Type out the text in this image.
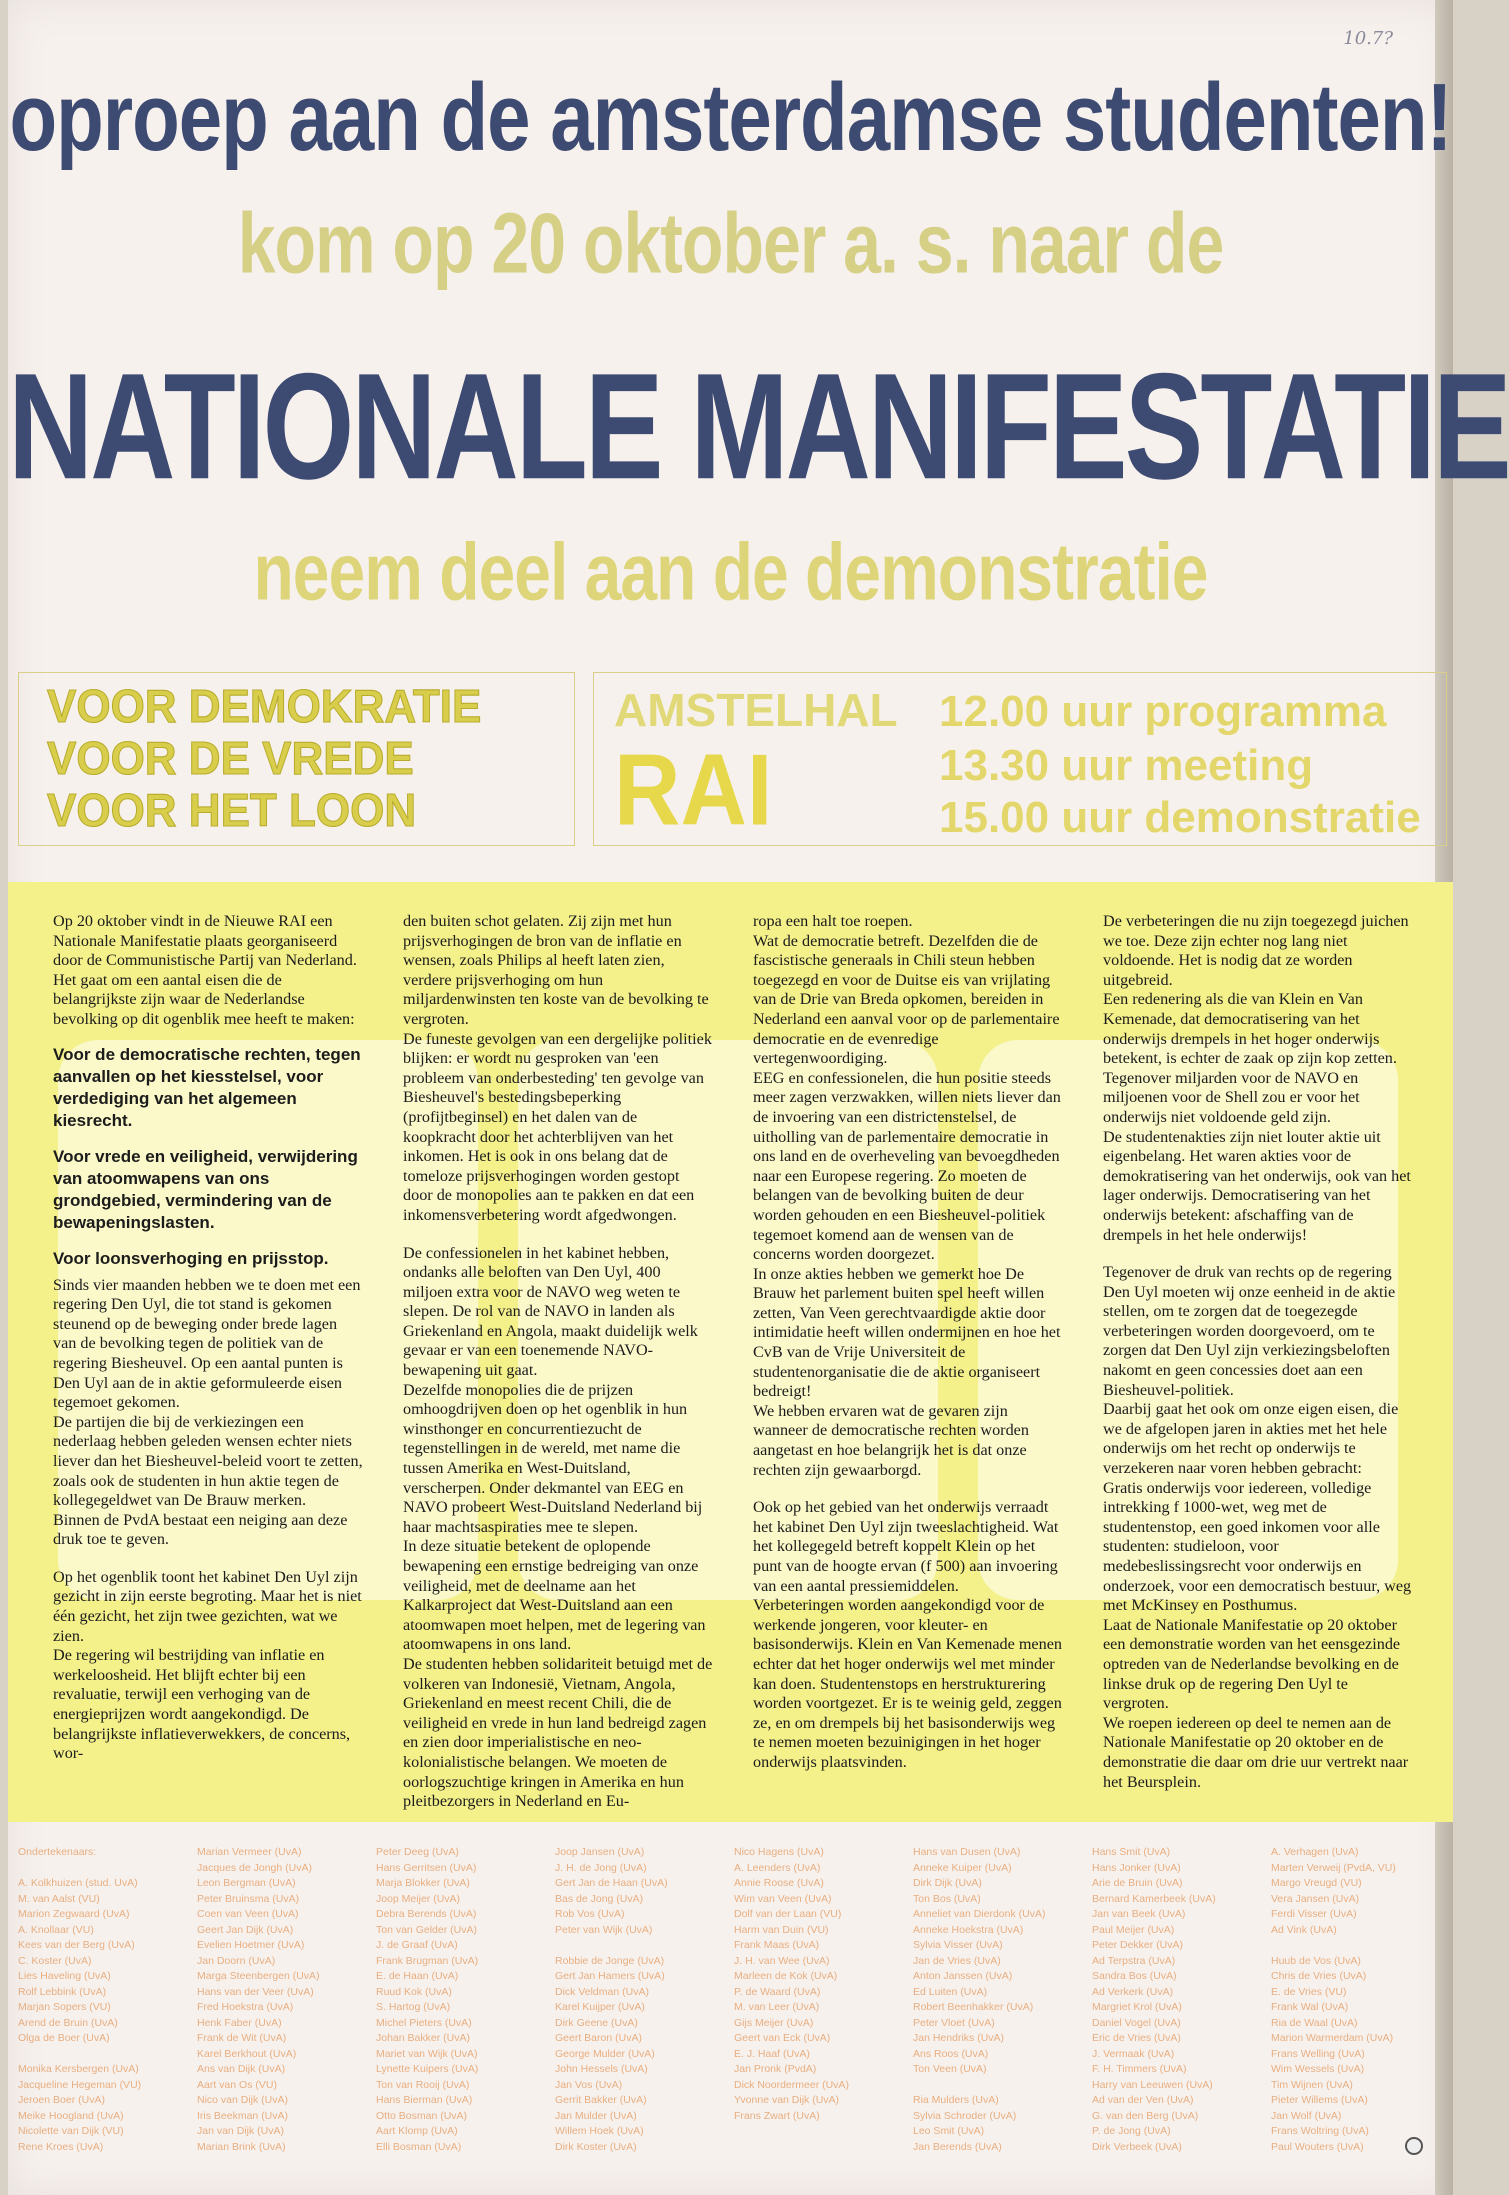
10.7?
oproep aan de amsterdamse studenten!
kom op 20 oktober a. s. naar de
NATIONALE MANIFESTATIE
neem deel aan de demonstratie
VOOR DEMOKRATIE
VOOR DE VREDE
VOOR HET LOON
AMSTELHAL
RAI
12.00 uur programma
13.30 uur meeting
15.00 uur demonstratie

Op 20 oktober vindt in de Nieuwe RAI een Nationale Manifestatie plaats georganiseerd door de Communistische Partij van Nederland. Het gaat om een aantal eisen die de belangrijkste zijn waar de Nederlandse bevolking op dit ogenblik mee heeft te maken:

Voor de democratische rechten, tegen aanvallen op het kiesstelsel, voor verdediging van het algemeen kiesrecht.

Voor vrede en veiligheid, verwijdering van atoomwapens van ons grondgebied, vermindering van de bewapeningslasten.

Voor loonsverhoging en prijsstop.

Sinds vier maanden hebben we te doen met een regering Den Uyl, die tot stand is gekomen steunend op de beweging onder brede lagen van de bevolking tegen de politiek van de regering Biesheuvel. Op een aantal punten is Den Uyl aan de in aktie geformuleerde eisen tegemoet gekomen.

De partijen die bij de verkiezingen een nederlaag hebben geleden wensen echter niets liever dan het Biesheuvel-beleid voort te zetten, zoals ook de studenten in hun aktie tegen de kollegegeldwet van De Brauw merken.

Binnen de PvdA bestaat een neiging aan deze druk toe te geven.

Op het ogenblik toont het kabinet Den Uyl zijn gezicht in zijn eerste begroting. Maar het is niet één gezicht, het zijn twee gezichten, wat we zien.

De regering wil bestrijding van inflatie en werkeloosheid. Het blijft echter bij een revaluatie, terwijl een verhoging van de energieprijzen wordt aangekondigd. De belangrijkste inflatieverwekkers, de concerns, wor-

den buiten schot gelaten. Zij zijn met hun prijsverhogingen de bron van de inflatie en wensen, zoals Philips al heeft laten zien, verdere prijsverhoging om hun miljardenwinsten ten koste van de bevolking te vergroten.

De funeste gevolgen van een dergelijke politiek blijken: er wordt nu gesproken van 'een probleem van onderbesteding' ten gevolge van Biesheuvel's bestedingsbeperking (profijtbeginsel) en het dalen van de koopkracht door het achterblijven van het inkomen. Het is ook in ons belang dat de tomeloze prijsverhogingen worden gestopt door de monopolies aan te pakken en dat een inkomensverbetering wordt afgedwongen.

De confessionelen in het kabinet hebben, ondanks alle beloften van Den Uyl, 400 miljoen extra voor de NAVO weg weten te slepen. De rol van de NAVO in landen als Griekenland en Angola, maakt duidelijk welk gevaar er van een toenemende NAVO-bewapening uit gaat.

Dezelfde monopolies die de prijzen omhoogdrijven doen op het ogenblik in hun winsthonger en concurrentiezucht de tegenstellingen in de wereld, met name die tussen Amerika en West-Duitsland, verscherpen. Onder dekmantel van EEG en NAVO probeert West-Duitsland Nederland bij haar machtsaspiraties mee te slepen.

In deze situatie betekent de oplopende bewapening een ernstige bedreiging van onze veiligheid, met de deelname aan het Kalkarproject dat West-Duitsland aan een atoomwapen moet helpen, met de legering van atoomwapens in ons land.

De studenten hebben solidariteit betuigd met de volkeren van Indonesië, Vietnam, Angola, Griekenland en meest recent Chili, die de veiligheid en vrede in hun land bedreigd zagen en zien door imperialistische en neo-kolonialistische belangen. We moeten de oorlogszuchtige kringen in Amerika en hun pleitbezorgers in Nederland en Eu-

ropa een halt toe roepen.

Wat de democratie betreft. Dezelfden die de fascistische generaals in Chili steun hebben toegezegd en voor de Duitse eis van vrijlating van de Drie van Breda opkomen, bereiden in Nederland een aanval voor op de parlementaire democratie en de evenredige vertegenwoordiging.

EEG en confessionelen, die hun positie steeds meer zagen verzwakken, willen niets liever dan de invoering van een districtenstelsel, de uitholling van de parlementaire democratie in ons land en de overheveling van bevoegdheden naar een Europese regering. Zo moeten de belangen van de bevolking buiten de deur worden gehouden en een Biesheuvel-politiek tegemoet komend aan de wensen van de concerns worden doorgezet.

In onze akties hebben we gemerkt hoe De Brauw het parlement buiten spel heeft willen zetten, Van Veen gerechtvaardigde aktie door intimidatie heeft willen ondermijnen en hoe het CvB van de Vrije Universiteit de studentenorganisatie die de aktie organiseert bedreigt!

We hebben ervaren wat de gevaren zijn wanneer de democratische rechten worden aangetast en hoe belangrijk het is dat onze rechten zijn gewaarborgd.

Ook op het gebied van het onderwijs verraadt het kabinet Den Uyl zijn tweeslachtigheid. Wat het kollegegeld betreft koppelt Klein op het punt van de hoogte ervan (f 500) aan invoering van een aantal pressiemiddelen.

Verbeteringen worden aangekondigd voor de werkende jongeren, voor kleuter- en basisonderwijs. Klein en Van Kemenade menen echter dat het hoger onderwijs wel met minder kan doen. Studentenstops en herstrukturering worden voortgezet. Er is te weinig geld, zeggen ze, en om drempels bij het basisonderwijs weg te nemen moeten bezuinigingen in het hoger onderwijs plaatsvinden.

De verbeteringen die nu zijn toegezegd juichen we toe. Deze zijn echter nog lang niet voldoende. Het is nodig dat ze worden uitgebreid.

Een redenering als die van Klein en Van Kemenade, dat democratisering van het onderwijs drempels in het hoger onderwijs betekent, is echter de zaak op zijn kop zetten. Tegenover miljarden voor de NAVO en miljoenen voor de Shell zou er voor het onderwijs niet voldoende geld zijn.

De studentenakties zijn niet louter aktie uit eigenbelang. Het waren akties voor de demokratisering van het onderwijs, ook van het lager onderwijs. Democratisering van het onderwijs betekent: afschaffing van de drempels in het hele onderwijs!

Tegenover de druk van rechts op de regering Den Uyl moeten wij onze eenheid in de aktie stellen, om te zorgen dat de toegezegde verbeteringen worden doorgevoerd, om te zorgen dat Den Uyl zijn verkiezingsbeloften nakomt en geen concessies doet aan een Biesheuvel-politiek.

Daarbij gaat het ook om onze eigen eisen, die we de afgelopen jaren in akties met het hele onderwijs om het recht op onderwijs te verzekeren naar voren hebben gebracht:

Gratis onderwijs voor iedereen, volledige intrekking f 1000-wet, weg met de studentenstop, een goed inkomen voor alle studenten: studieloon, voor medebeslissingsrecht voor onderwijs en onderzoek, voor een democratisch bestuur, weg met McKinsey en Posthumus.

Laat de Nationale Manifestatie op 20 oktober een demonstratie worden van het eensgezinde optreden van de Nederlandse bevolking en de linkse druk op de regering Den Uyl te vergroten.

We roepen iedereen op deel te nemen aan de Nationale Manifestatie op 20 oktober en de demonstratie die daar om drie uur vertrekt naar het Beursplein.

Ondertekenaars:

A. Kolkhuizen (stud. UvA)
M. van Aalst (VU)
Marion Zegwaard (UvA)
A. Knollaar (VU)
Kees van der Berg (UvA)
C. Koster (UvA)
Lies Haveling (UvA)
Rolf Lebbink (UvA)
Marjan Sopers (VU)
Arend de Bruin (UvA)
Olga de Boer (UvA)

Monika Kersbergen (UvA)
Jacqueline Hegeman (VU)
Jeroen Boer (UvA)
Meike Hoogland (UvA)
Nicolette van Dijk (VU)
Rene Kroes (UvA)
Marian Vermeer (UvA)
Jacques de Jongh (UvA)
Leon Bergman (UvA)
Peter Bruinsma (UvA)
Coen van Veen (UvA)
Geert Jan Dijk (UvA)
Evelien Hoetmer (UvA)
Jan Doorn (UvA)
Marga Steenbergen (UvA)
Hans van der Veer (UvA)
Fred Hoekstra (UvA)
Henk Faber (UvA)
Frank de Wit (UvA)
Karel Berkhout (UvA)
Ans van Dijk (UvA)
Aart van Os (VU)
Nico van Dijk (UvA)
Iris Beekman (UvA)
Jan van Dijk (UvA)
Marian Brink (UvA)
Peter Deeg (UvA)
Hans Gerritsen (UvA)
Marja Blokker (UvA)
Joop Meijer (UvA)
Debra Berends (UvA)
Ton van Gelder (UvA)
J. de Graaf (UvA)
Frank Brugman (UvA)
E. de Haan (UvA)
Ruud Kok (UvA)
S. Hartog (UvA)
Michel Pieters (UvA)
Johan Bakker (UvA)
Mariet van Wijk (UvA)
Lynette Kuipers (UvA)
Ton van Rooij (UvA)
Hans Bierman (UvA)
Otto Bosman (UvA)
Aart Klomp (UvA)
Elli Bosman (UvA)
Joop Jansen (UvA)
J. H. de Jong (UvA)
Gert Jan de Haan (UvA)
Bas de Jong (UvA)
Rob Vos (UvA)
Peter van Wijk (UvA)

Robbie de Jonge (UvA)
Gert Jan Hamers (UvA)
Dick Veldman (UvA)
Karel Kuijper (UvA)
Dirk Geene (UvA)
Geert Baron (UvA)
George Mulder (UvA)
John Hessels (UvA)
Jan Vos (UvA)
Gerrit Bakker (UvA)
Jan Mulder (UvA)
Willem Hoek (UvA)
Dirk Koster (UvA)
Nico Hagens (UvA)
A. Leenders (UvA)
Annie Roose (UvA)
Wim van Veen (UvA)
Dolf van der Laan (VU)
Harm van Duin (VU)
Frank Maas (UvA)
J. H. van Wee (UvA)
Marleen de Kok (UvA)
P. de Waard (UvA)
M. van Leer (UvA)
Gijs Meijer (UvA)
Geert van Eck (UvA)
E. J. Haaf (UvA)
Jan Pronk (PvdA)
Dick Noordermeer (UvA)
Yvonne van Dijk (UvA)
Frans Zwart (UvA)
Hans van Dusen (UvA)
Anneke Kuiper (UvA)
Dirk Dijk (UvA)
Ton Bos (UvA)
Anneliet van Dierdonk (UvA)
Anneke Hoekstra (UvA)
Sylvia Visser (UvA)
Jan de Vries (UvA)
Anton Janssen (UvA)
Ed Luiten (UvA)
Robert Beenhakker (UvA)
Peter Vloet (UvA)
Jan Hendriks (UvA)
Ans Roos (UvA)
Ton Veen (UvA)

Ria Mulders (UvA)
Sylvia Schroder (UvA)
Leo Smit (UvA)
Jan Berends (UvA)
Hans Smit (UvA)
Hans Jonker (UvA)
Arie de Bruin (UvA)
Bernard Kamerbeek (UvA)
Jan van Beek (UvA)
Paul Meijer (UvA)
Peter Dekker (UvA)
Ad Terpstra (UvA)
Sandra Bos (UvA)
Ad Verkerk (UvA)
Margriet Krol (UvA)
Daniel Vogel (UvA)
Eric de Vries (UvA)
J. Vermaak (UvA)
F. H. Timmers (UvA)
Harry van Leeuwen (UvA)
Ad van der Ven (UvA)
G. van den Berg (UvA)
P. de Jong (UvA)
Dirk Verbeek (UvA)
A. Verhagen (UvA)
Marten Verweij (PvdA, VU)
Margo Vreugd (VU)
Vera Jansen (UvA)
Ferdi Visser (UvA)
Ad Vink (UvA)

Huub de Vos (UvA)
Chris de Vries (UvA)
E. de Vries (VU)
Frank Wal (UvA)
Ria de Waal (UvA)
Marion Warmerdam (UvA)
Frans Welling (UvA)
Wim Wessels (UvA)
Tim Wijnen (UvA)
Pieter Willems (UvA)
Jan Wolf (UvA)
Frans Woltring (UvA)
Paul Wouters (UvA)
